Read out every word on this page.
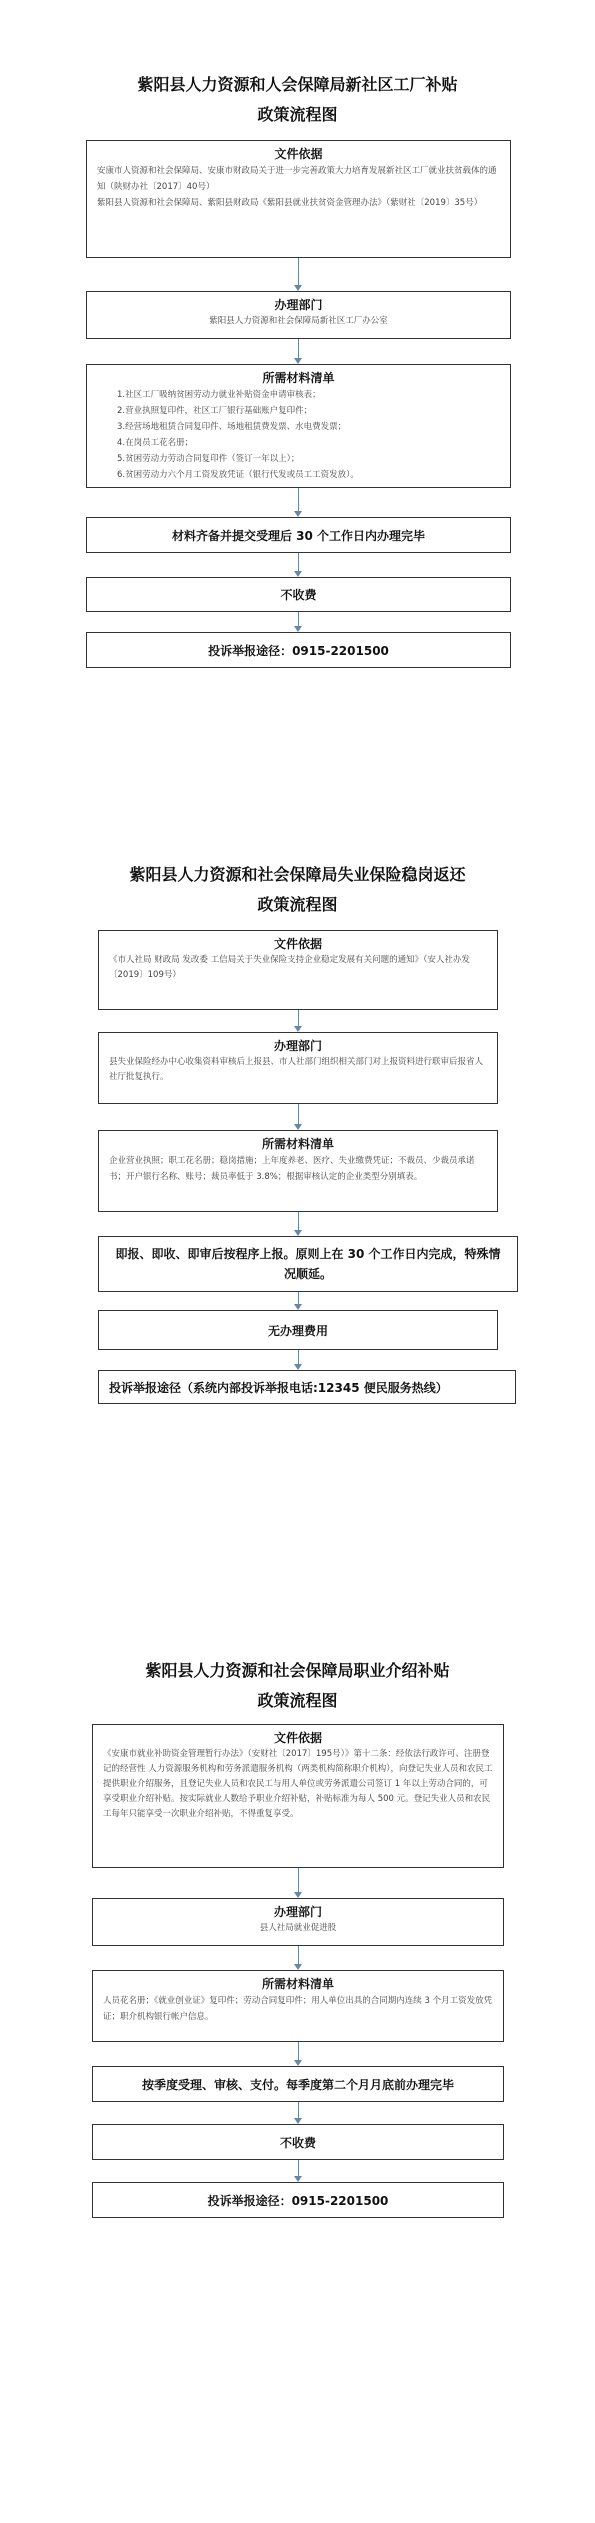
紫阳县人力资源和人会保障局新社区工厂补贴
政策流程图
文件依据
安康市人资源和社会保障局、安康市财政局关于进一步完善政策大力培育发展新社区工厂就业扶贫载体的通知（陕财办社〔2017〕40号）
紫阳县人资源和社会保障局、紫阳县财政局《紫阳县就业扶贫资金管理办法》（紫财社〔2019〕35号）
办理部门
紫阳县人力资源和社会保障局新社区工厂办公室
所需材料清单
1.社区工厂吸纳贫困劳动力就业补贴资金申请审核表；
2.营业执照复印件，社区工厂银行基础账户复印件；
3.经营场地租赁合同复印件、场地租赁费发票、水电费发票；
4.在岗员工花名册；
5.贫困劳动力劳动合同复印件（签订一年以上）；
6.贫困劳动力六个月工资发放凭证（银行代发或员工工资发放）。
材料齐备并提交受理后 30 个工作日内办理完毕
不收费
投诉举报途径：0915-2201500
紫阳县人力资源和社会保障局失业保险稳岗返还
政策流程图
文件依据
《市人社局 财政局 发改委 工信局关于失业保险支持企业稳定发展有关问题的通知》（安人社办发〔2019〕109号）
办理部门
县失业保险经办中心收集资料审核后上报县、市人社部门组织相关部门对上报资料进行联审后报省人社厅批复执行。
所需材料清单
企业营业执照；职工花名册；稳岗措施；上年度养老、医疗、失业缴费凭证；不裁员、少裁员承诺书；开户银行名称、账号；裁员率低于 3.8%；根据审核认定的企业类型分别填表。
即报、即收、即审后按程序上报。原则上在 30 个工作日内完成，特殊情况顺延。
无办理费用
投诉举报途径（系统内部投诉举报电话:12345 便民服务热线）
紫阳县人力资源和社会保障局职业介绍补贴
政策流程图
文件依据
《安康市就业补助资金管理暂行办法》（安财社〔2017〕195号）》第十二条：经依法行政许可、注册登记的经营性 人力资源服务机构和劳务派遣服务机构（两类机构简称职介机构），向登记失业人员和农民工提供职业介绍服务，且登记失业人员和农民工与用人单位或劳务派遣公司签订 1 年以上劳动合同的，可享受职业介绍补贴。按实际就业人数给予职业介绍补贴，补贴标准为每人 500 元。登记失业人员和农民工每年只能享受一次职业介绍补贴，不得重复享受。
办理部门
县人社局就业促进股
所需材料清单
人员花名册；《就业创业证》复印件；劳动合同复印件；用人单位出具的合同期内连续 3 个月工资发放凭证；职介机构银行帐户信息。
按季度受理、审核、支付。每季度第二个月月底前办理完毕
不收费
投诉举报途径：0915-2201500
